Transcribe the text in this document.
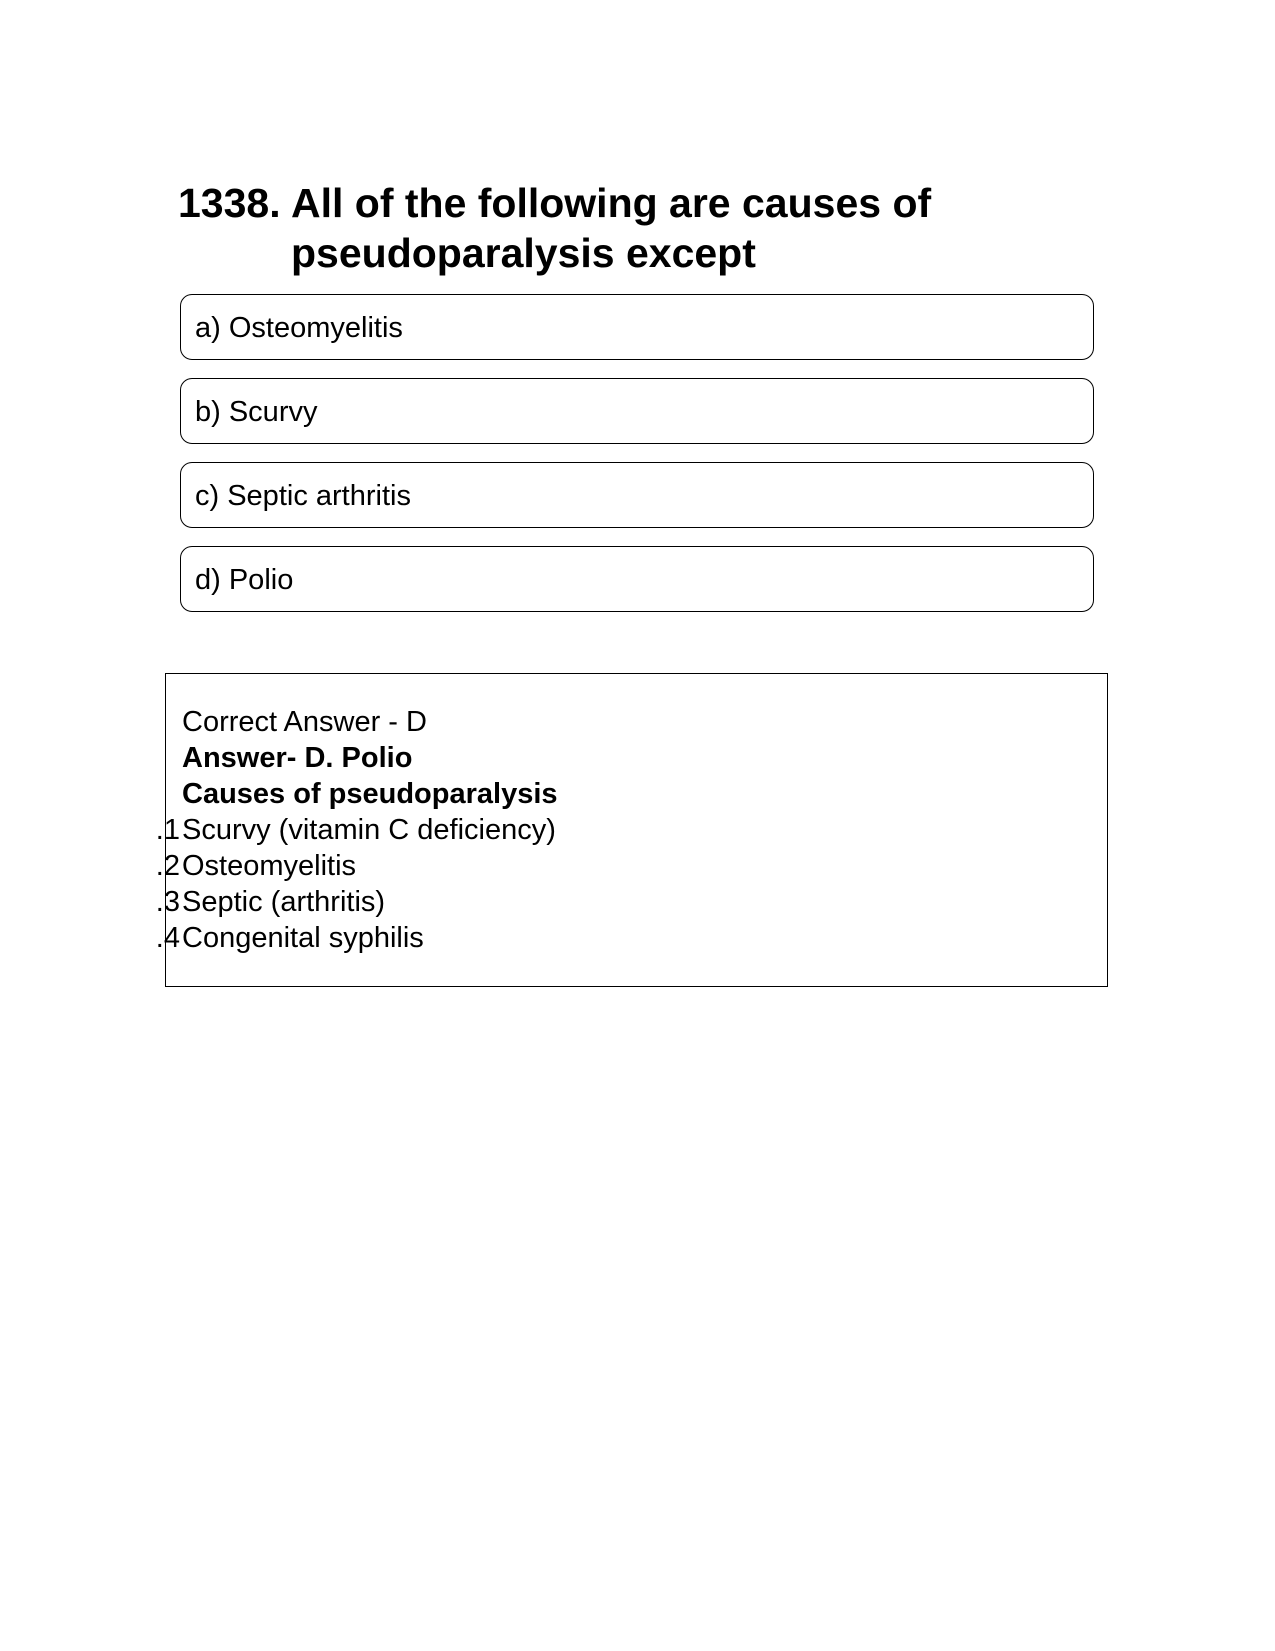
1338. All of the following are causes of pseudoparalysis except
a) Osteomyelitis
b) Scurvy
c) Septic arthritis
d) Polio
Correct Answer - D
Answer- D. Polio
Causes of pseudoparalysis
1. Scurvy (vitamin C deficiency)
2. Osteomyelitis
3. Septic (arthritis)
4. Congenital syphilis
